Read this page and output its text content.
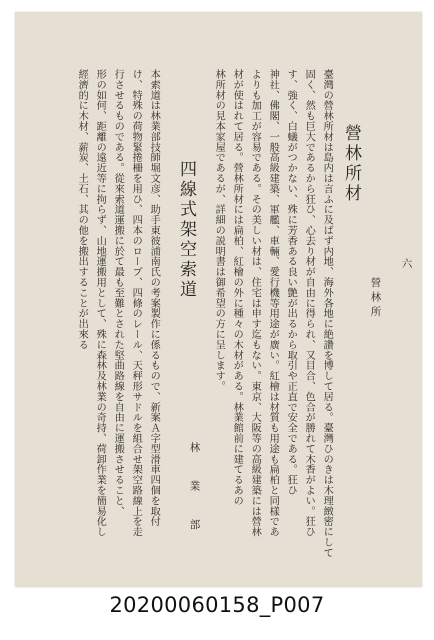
六
營林所材
營林所
臺灣の營林所材は島内は言ふに及ばず内地、海外各地に絶讚を博して居る。臺灣ひのきは木理緻密にして
固く、然も巨大であるから狂ひ、心去り材が自由に得られ、又目合、色合が勝れて木香がよい。狂ひ
す、強く、白蟻がつかない、殊に芳香ある良い艶が出るから取引や正直で安全である。狂ひ
神社、佛閣、一般高級建築、軍艦、車輛、愛行機等用途が廣い。紅檜は材質も用途も扁柏と同樣であ
よりも加工が容易である。その美しい材は、住宅は申す迄もない。東京、大阪等の高級建築には營林
材が使はれて居る。營林所材には扁柏、紅檜の外に種々の木材がある。林業館前に建てるあの
林所材の見本家屋であるが、詳細の説明書は御希望の方に呈します。
四線式架空索道
林業部
本索道は林業部技師堀文彦、助手東彼浦南氏の考案製作に係るもので、新案Ａ字型滑車四個を取付
け、特殊の荷物緊捲柵を用ひ、四本のロープ、四條のレール、天秤形サドルを組合せ架空路線上を走
行させるものである。從來索道運搬に於て最も至難とされた堅曲路線を自由に運搬させること、
形の如何、距離の遠近等に拘らず、山地運搬用として、殊に森林及林業の奇持、荷卸作業を簡易化し
經濟的に木材、薪炭、土石、其の他を搬出することが出來る
20200060158_P007
